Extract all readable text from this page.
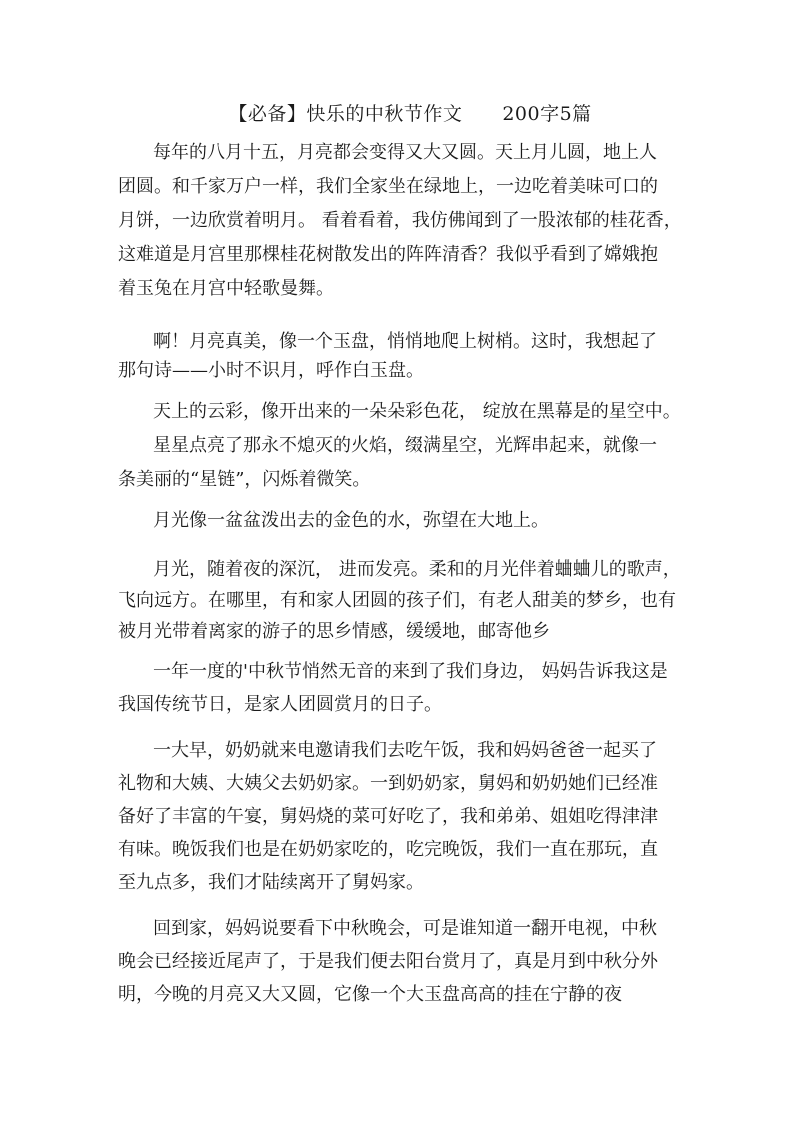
【必备】快乐的中秋节作文 200字5篇
每年的八月十五，月亮都会变得又大又圆。天上月儿圆，地上人
团圆。和千家万户一样，我们全家坐在绿地上，一边吃着美味可口的
月饼，一边欣赏着明月。 看着看着，我仿佛闻到了一股浓郁的桂花香，
这难道是月宫里那棵桂花树散发出的阵阵清香？我似乎看到了嫦娥抱
着玉兔在月宫中轻歌曼舞。
啊！月亮真美，像一个玉盘，悄悄地爬上树梢。这时，我想起了
那句诗——小时不识月，呼作白玉盘。
天上的云彩，像开出来的一朵朵彩色花， 绽放在黑幕是的星空中。
星星点亮了那永不熄灭的火焰，缀满星空，光辉串起来，就像一
条美丽的“星链”，闪烁着微笑。
月光像一盆盆泼出去的金色的水，弥望在大地上。
月光，随着夜的深沉， 进而发亮。柔和的月光伴着蛐蛐儿的歌声，
飞向远方。在哪里，有和家人团圆的孩子们，有老人甜美的梦乡，也有
被月光带着离家的游子的思乡情感，缓缓地，邮寄他乡
一年一度的'中秋节悄然无音的来到了我们身边， 妈妈告诉我这是
我国传统节日，是家人团圆赏月的日子。
一大早，奶奶就来电邀请我们去吃午饭，我和妈妈爸爸一起买了
礼物和大姨、大姨父去奶奶家。一到奶奶家，舅妈和奶奶她们已经准
备好了丰富的午宴，舅妈烧的菜可好吃了，我和弟弟、姐姐吃得津津
有味。晚饭我们也是在奶奶家吃的，吃完晚饭，我们一直在那玩，直
至九点多，我们才陆续离开了舅妈家。
回到家，妈妈说要看下中秋晚会，可是谁知道一翻开电视，中秋
晚会已经接近尾声了，于是我们便去阳台赏月了，真是月到中秋分外
明，今晚的月亮又大又圆，它像一个大玉盘高高的挂在宁静的夜
